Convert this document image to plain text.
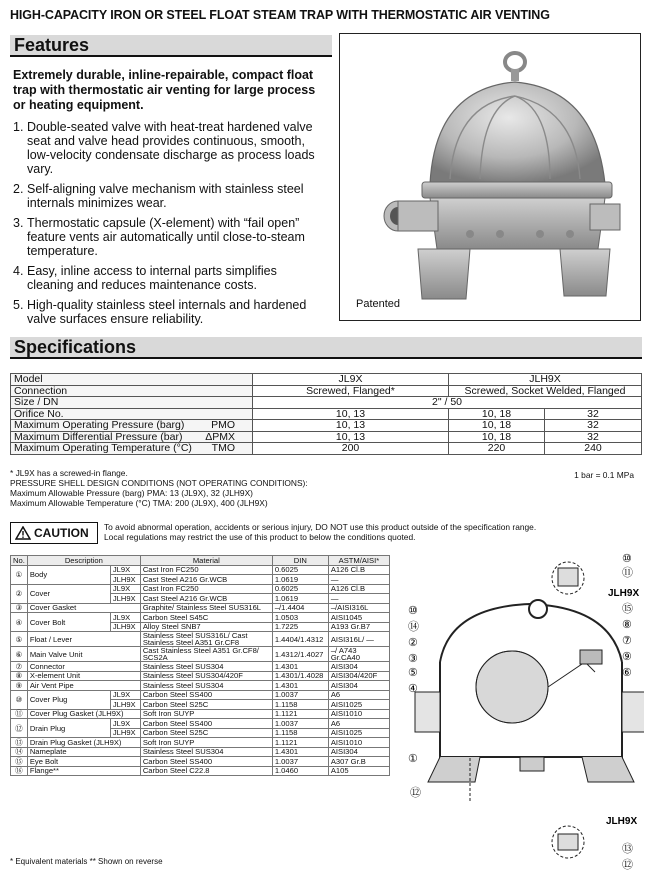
HIGH-CAPACITY IRON OR STEEL FLOAT STEAM TRAP WITH THERMOSTATIC AIR VENTING
Features
Extremely durable, inline-repairable, compact float trap with thermostatic air venting for large process or heating equipment.
1. Double-seated valve with heat-treat hardened valve seat and valve head provides continuous, smooth, low-velocity condensate discharge as process loads vary.
2. Self-aligning valve mechanism with stainless steel internals minimizes wear.
3. Thermostatic capsule (X-element) with “fail open” feature vents air automatically until close-to-steam temperature.
4. Easy, inline access to internal parts simplifies cleaning and reduces maintenance costs.
5. High-quality stainless steel internals and hardened valve surfaces ensure reliability.
Patented
Specifications
Model	JL9X	JLH9X	
Connection	Screwed, Flanged*	Screwed, Socket Welded, Flanged	
Size / DN	2" / 50		
Orifice No.	10, 13	10, 18	32
Maximum Operating Pressure (barg) PMO	10, 13	10, 18	32
Maximum Differential Pressure (bar) ΔPMX	10, 13	10, 18	32
Maximum Operating Temperature (°C) TMO	200	220	240
* JL9X has a screwed-in flange.
PRESSURE SHELL DESIGN CONDITIONS (NOT OPERATING CONDITIONS):
Maximum Allowable Pressure (barg) PMA: 13 (JL9X), 32 (JLH9X)
Maximum Allowable Temperature (°C) TMA: 200 (JL9X), 400 (JLH9X)
1 bar = 0.1 MPa
CAUTION To avoid abnormal operation, accidents or serious injury, DO NOT use this product outside of the specification range.
Local regulations may restrict the use of this product to below the conditions quoted.
No.	Description		Material	DIN	ASTM/AISI*
①	Body	JL9X	Cast Iron FC250	0.6025	A126 Cl.B
		JLH9X	Cast Steel A216 Gr.WCB	1.0619	—
②	Cover	JL9X	Cast Iron FC250	0.6025	A126 Cl.B
		JLH9X	Cast Steel A216 Gr.WCB	1.0619	—
③	Cover Gasket		Graphite/ Stainless Steel SUS316L	–/1.4404	–/AISI316L
④	Cover Bolt	JL9X	Carbon Steel S45C	1.0503	AISI1045
		JLH9X	Alloy Steel SNB7	1.7225	A193 Gr.B7
⑤	Float / Lever		Stainless Steel SUS316L/ Cast Stainless Steel A351 Gr.CF8	1.4404/1.4312	AISI316L/ —
⑥	Main Valve Unit		Cast Stainless Steel A351 Gr.CF8/ SCS2A	1.4312/1.4027	–/ A743 Gr.CA40
⑦	Connector		Stainless Steel SUS304	1.4301	AISI304
⑧	X-element Unit		Stainless Steel SUS304/420F	1.4301/1.4028	AISI304/420F
⑨	Air Vent Pipe		Stainless Steel SUS304	1.4301	AISI304
⑩	Cover Plug	JL9X	Carbon Steel SS400	1.0037	A6
		JLH9X	Carbon Steel S25C	1.1158	AISI1025
⑪	Cover Plug Gasket (JLH9X)		Soft Iron SUYP	1.1121	AISI1010
⑫	Drain Plug	JL9X	Carbon Steel SS400	1.0037	A6
		JLH9X	Carbon Steel S25C	1.1158	AISI1025
⑬	Drain Plug Gasket (JLH9X)		Soft Iron SUYP	1.1121	AISI1010
⑭	Nameplate		Stainless Steel SUS304	1.4301	AISI304
⑮	Eye Bolt		Carbon Steel SS400	1.0037	A307 Gr.B
⑯	Flange**		Carbon Steel C22.8	1.0460	A105
* Equivalent materials ** Shown on reverse
⑩
⑭
②
③
⑤
④
①
⑩
⑪
⑮
⑧
⑦
⑨
⑥
⑫
⑬
⑫
JLH9X
JLH9X
